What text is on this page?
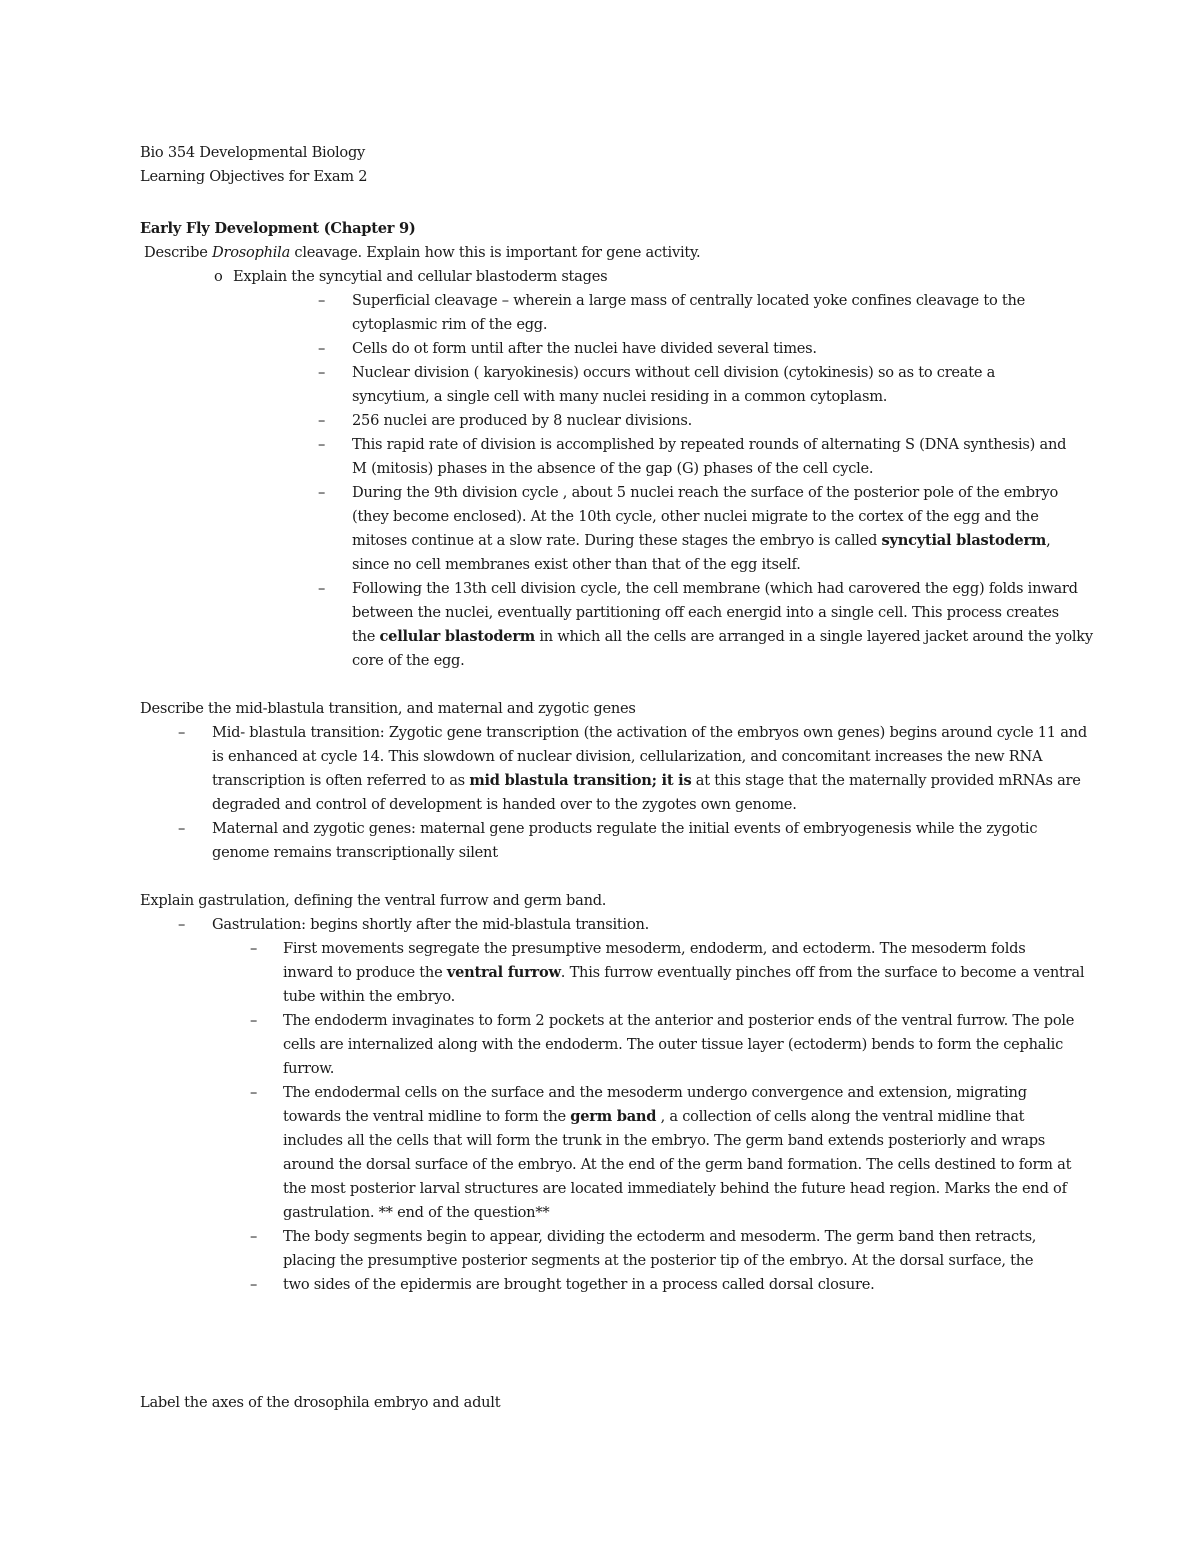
Bio 354 Developmental Biology
Learning Objectives for Exam 2
Early Fly Development (Chapter 9)
Describe Drosophila cleavage. Explain how this is important for gene activity.
o Explain the syncytial and cellular blastoderm stages
– Superficial cleavage – wherein a large mass of centrally located yoke confines cleavage to the
cytoplasmic rim of the egg.
– Cells do ot form until after the nuclei have divided several times.
– Nuclear division ( karyokinesis) occurs without cell division (cytokinesis) so as to create a
syncytium, a single cell with many nuclei residing in a common cytoplasm.
– 256 nuclei are produced by 8 nuclear divisions.
– This rapid rate of division is accomplished by repeated rounds of alternating S (DNA synthesis) and
M (mitosis) phases in the absence of the gap (G) phases of the cell cycle.
– During the 9th division cycle , about 5 nuclei reach the surface of the posterior pole of the embryo
(they become enclosed). At the 10th cycle, other nuclei migrate to the cortex of the egg and the
mitoses continue at a slow rate. During these stages the embryo is called syncytial blastoderm,
since no cell membranes exist other than that of the egg itself.
– Following the 13th cell division cycle, the cell membrane (which had carovered the egg) folds inward
between the nuclei, eventually partitioning off each energid into a single cell. This process creates
the cellular blastoderm in which all the cells are arranged in a single layered jacket around the yolky
core of the egg.
Describe the mid-blastula transition, and maternal and zygotic genes
– Mid- blastula transition: Zygotic gene transcription (the activation of the embryos own genes) begins around cycle 11 and
is enhanced at cycle 14. This slowdown of nuclear division, cellularization, and concomitant increases the new RNA
transcription is often referred to as mid blastula transition; it is at this stage that the maternally provided mRNAs are
degraded and control of development is handed over to the zygotes own genome.
– Maternal and zygotic genes: maternal gene products regulate the initial events of embryogenesis while the zygotic
genome remains transcriptionally silent
Explain gastrulation, defining the ventral furrow and germ band.
– Gastrulation: begins shortly after the mid-blastula transition.
– First movements segregate the presumptive mesoderm, endoderm, and ectoderm. The mesoderm folds
inward to produce the ventral furrow. This furrow eventually pinches off from the surface to become a ventral
tube within the embryo.
– The endoderm invaginates to form 2 pockets at the anterior and posterior ends of the ventral furrow. The pole
cells are internalized along with the endoderm. The outer tissue layer (ectoderm) bends to form the cephalic
furrow.
– The endodermal cells on the surface and the mesoderm undergo convergence and extension, migrating
towards the ventral midline to form the germ band , a collection of cells along the ventral midline that
includes all the cells that will form the trunk in the embryo. The germ band extends posteriorly and wraps
around the dorsal surface of the embryo. At the end of the germ band formation. The cells destined to form at
the most posterior larval structures are located immediately behind the future head region. Marks the end of
gastrulation. ** end of the question**
– The body segments begin to appear, dividing the ectoderm and mesoderm. The germ band then retracts,
placing the presumptive posterior segments at the posterior tip of the embryo. At the dorsal surface, the
– two sides of the epidermis are brought together in a process called dorsal closure.
Label the axes of the drosophila embryo and adult
